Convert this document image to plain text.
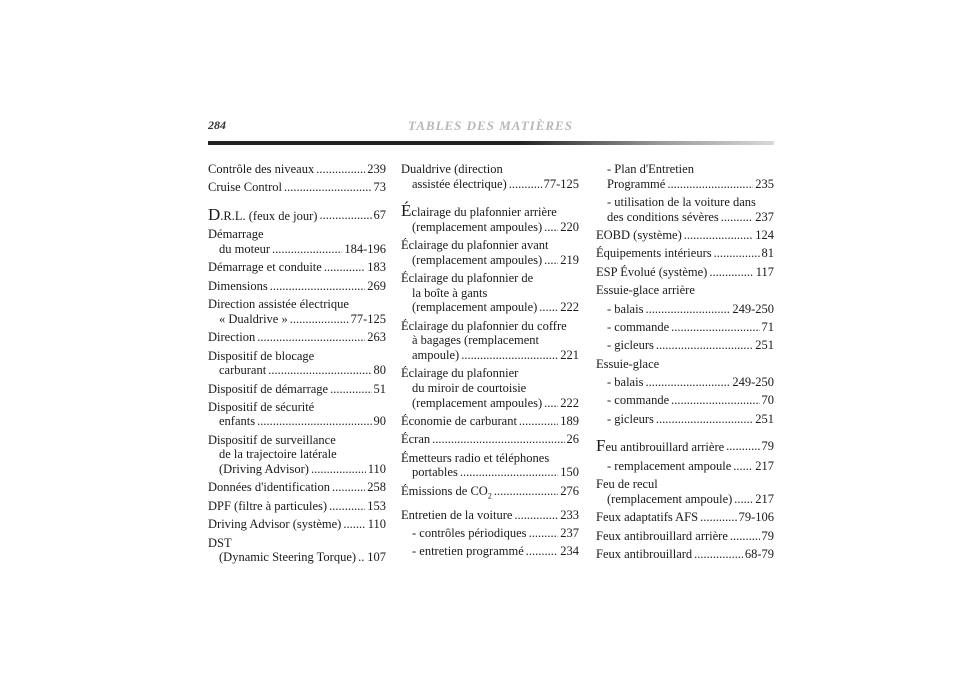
284	TABLES DES MATIÈRES
Contrôle des niveaux .....	239
Cruise Control .....	73
D.R.L. (feux de jour) .....	67
Démarrage
du moteur .....	184-196
Démarrage et conduite .....	183
Dimensions .....	269
Direction assistée électrique
« Dualdrive » .....	77-125
Direction .....	263
Dispositif de blocage
carburant .....	80
Dispositif de démarrage .....	51
Dispositif de sécurité
enfants .....	90
Dispositif de surveillance
de la trajectoire latérale
(Driving Advisor) .....	110
Données d'identification .....	258
DPF (filtre à particules) .....	153
Driving Advisor (système) ..... 110
DST
(Dynamic Steering Torque) ..... 107
Dualdrive (direction
assistée électrique) .....	77-125
Éclairage du plafonnier arrière
(remplacement ampoules) ..... 220
Éclairage du plafonnier avant
(remplacement ampoules) ..... 219
Éclairage du plafonnier de
la boîte à gants
(remplacement ampoule) ..... 222
Éclairage du plafonnier du coffre
à bagages (remplacement
ampoule) .....	221
Éclairage du plafonnier
du miroir de courtoisie
(remplacement ampoules) ..... 222
Économie de carburant .....	189
Écran .....	26
Émetteurs radio et téléphones
portables .....	150
Émissions de $CO_2$ .....	276
Entretien de la voiture .....	233
- contrôles périodiques .....	237
- entretien programmé .....	234
- Plan d'Entretien
Programmé .....	235
- utilisation de la voiture dans
des conditions sévères .....	237
EOBD (système) .....	124
Équipements intérieurs .....	81
ESP Évolué (système) .....	117
Essuie-glace arrière
- balais .....	249-250
- commande .....	71
- gicleurs .....	251
Essuie-glace
- balais .....	249-250
- commande .....	70
- gicleurs .....	251
Feu antibrouillard arrière .....	79
- remplacement ampoule ..... 217
Feu de recul
(remplacement ampoule) ..... 217
Feux adaptatifs AFS .....	79-106
Feux antibrouillard arrière .....	79
Feux antibrouillard .....	68-79
